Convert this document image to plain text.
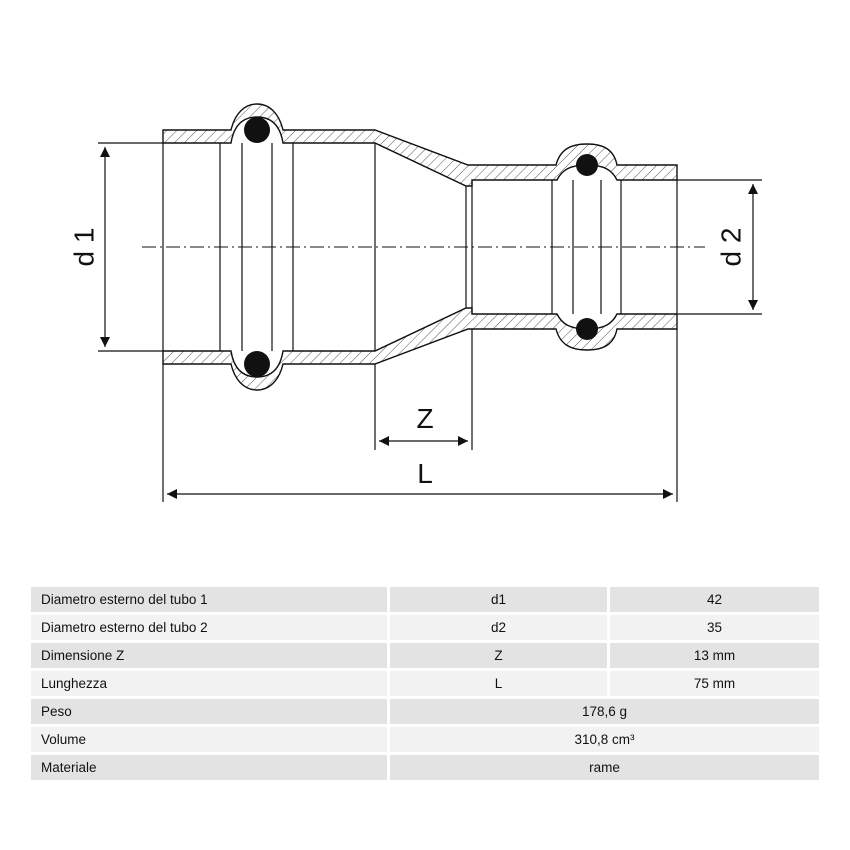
d 1	d 2
Z
L
Diametro esterno del tubo 1	d1	42
Diametro esterno del tubo 2	d2	35
Dimensione Z	Z	13 mm
Lunghezza	L	75 mm
Peso	178,6 g	
Volume	310,8 cm³	
Materiale	rame	
